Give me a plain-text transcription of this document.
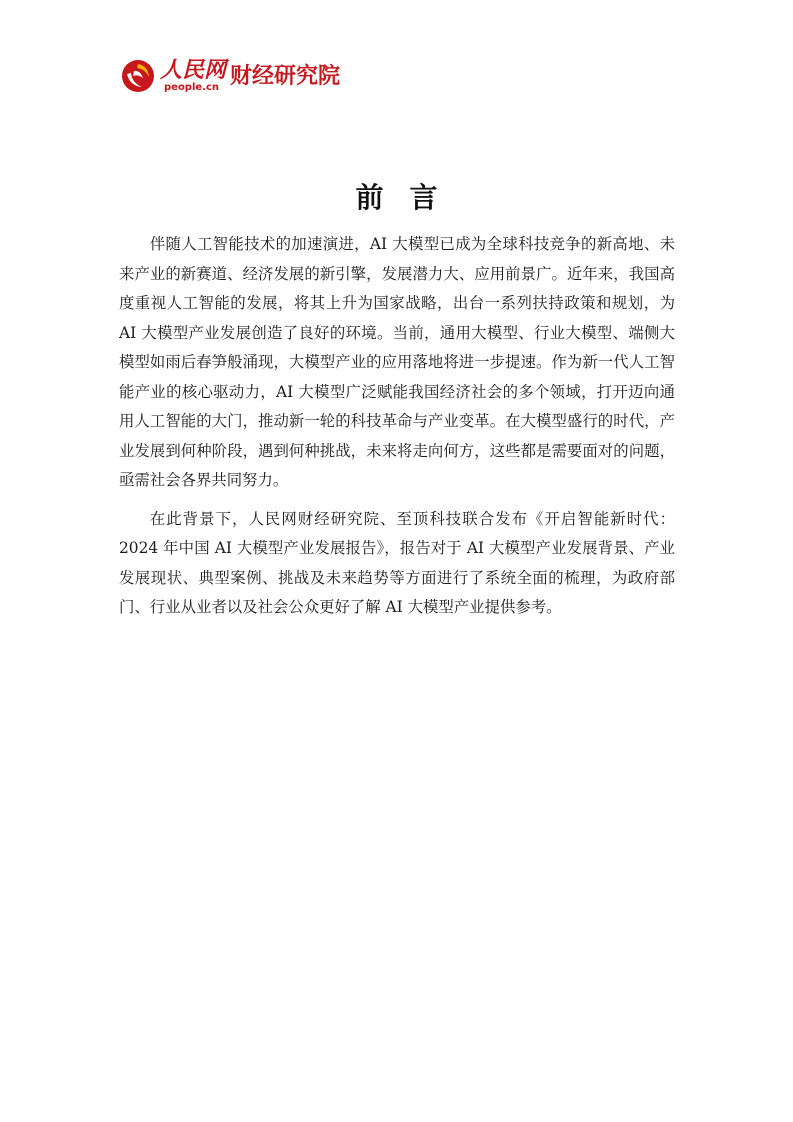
人民网
people.cn 财经研究院
前言

伴随人工智能技术的加速演进，AI 大模型已成为全球科技竞争的新高地、未来产业的新赛道、经济发展的新引擎，发展潜力大、应用前景广。近年来，我国高度重视人工智能的发展，将其上升为国家战略，出台一系列扶持政策和规划，为 AI 大模型产业发展创造了良好的环境。当前，通用大模型、行业大模型、端侧大模型如雨后春笋般涌现，大模型产业的应用落地将进一步提速。作为新一代人工智能产业的核心驱动力，AI 大模型广泛赋能我国经济社会的多个领域，打开迈向通用人工智能的大门，推动新一轮的科技革命与产业变革。在大模型盛行的时代，产业发展到何种阶段，遇到何种挑战，未来将走向何方，这些都是需要面对的问题，亟需社会各界共同努力。

在此背景下，人民网财经研究院、至顶科技联合发布《开启智能新时代：2024 年中国 AI 大模型产业发展报告》，报告对于 AI 大模型产业发展背景、产业发展现状、典型案例、挑战及未来趋势等方面进行了系统全面的梳理，为政府部门、行业从业者以及社会公众更好了解 AI 大模型产业提供参考。
